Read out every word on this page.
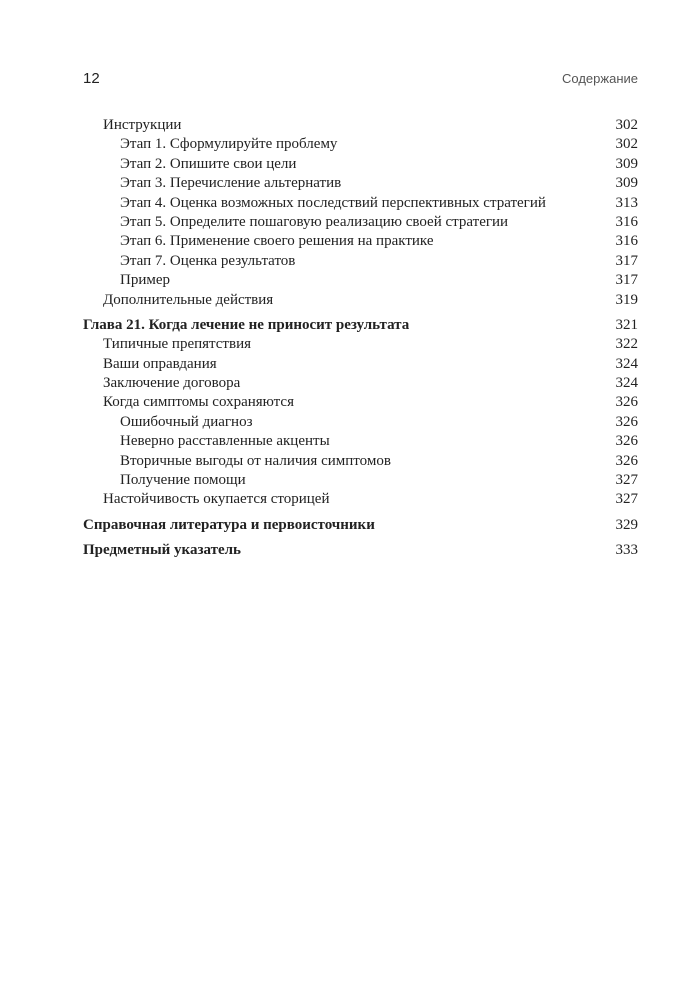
12	Содержание
Инструкции	302
Этап 1. Сформулируйте проблему	302
Этап 2. Опишите свои цели	309
Этап 3. Перечисление альтернатив	309
Этап 4. Оценка возможных последствий перспективных стратегий	313
Этап 5. Определите пошаговую реализацию своей стратегии	316
Этап 6. Применение своего решения на практике	316
Этап 7. Оценка результатов	317
Пример	317
Дополнительные действия	319
Глава 21. Когда лечение не приносит результата	321
Типичные препятствия	322
Ваши оправдания	324
Заключение договора	324
Когда симптомы сохраняются	326
Ошибочный диагноз	326
Неверно расставленные акценты	326
Вторичные выгоды от наличия симптомов	326
Получение помощи	327
Настойчивость окупается сторицей	327
Справочная литература и первоисточники	329
Предметный указатель	333
